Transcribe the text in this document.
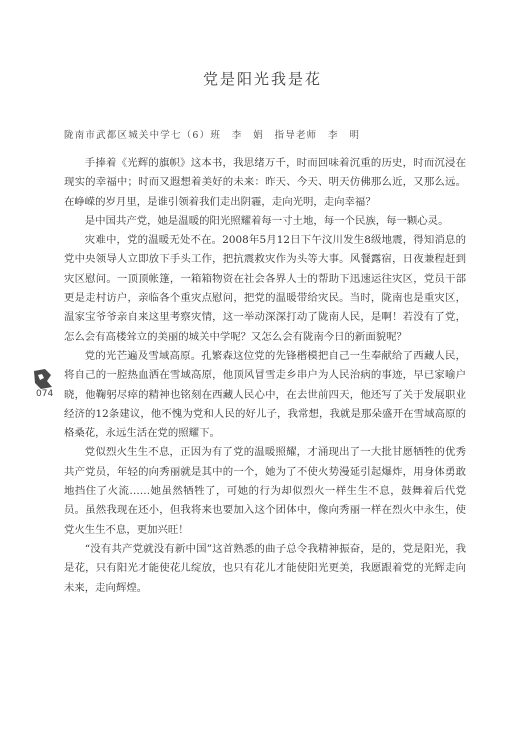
党是阳光我是花
陇南市武都区城关中学七（6）班　李　娟　指导老师　李　明

手捧着《光辉的旗帜》这本书，我思绪万千，时而回味着沉重的历史，时而沉浸在现实的幸福中；时而又遐想着美好的未来：昨天、今天、明天仿佛那么近，又那么远。在峥嵘的岁月里，是谁引领着我们走出阴霾，走向光明，走向幸福？

是中国共产党，她是温暖的阳光照耀着每一寸土地，每一个民族，每一颗心灵。

灾难中，党的温暖无处不在。2008年5月12日下午汶川发生8级地震，得知消息的党中央领导人立即放下手头工作，把抗震救灾作为头等大事。风餐露宿，日夜兼程赶到灾区慰问。一顶顶帐篷，一箱箱物资在社会各界人士的帮助下迅速运往灾区，党员干部更是走村访户，亲临各个重灾点慰问，把党的温暖带给灾民。当时，陇南也是重灾区，温家宝爷爷亲自来这里考察灾情，这一举动深深打动了陇南人民，是啊！若没有了党，怎么会有高楼耸立的美丽的城关中学呢？又怎么会有陇南今日的新面貌呢？

党的光芒遍及雪域高原。孔繁森这位党的先锋楷模把自己一生奉献给了西藏人民，将自己的一腔热血洒在雪域高原，他顶风冒雪走乡串户为人民治病的事迹，早已家喻户晓，他鞠躬尽瘁的精神也铭刻在西藏人民心中，在去世前四天，他还写了关于发展职业经济的12条建议，他不愧为党和人民的好儿子，我常想，我就是那朵盛开在雪域高原的格桑花，永远生活在党的照耀下。

党似烈火生生不息，正因为有了党的温暖照耀，才涌现出了一大批甘愿牺牲的优秀共产党员，年轻的向秀丽就是其中的一个，她为了不使火势漫延引起爆炸，用身体勇敢地挡住了火流……她虽然牺牲了，可她的行为却似烈火一样生生不息，鼓舞着后代党员。虽然我现在还小，但我将来也要加入这个团体中，像向秀丽一样在烈火中永生，使党火生生不息，更加兴旺！

“没有共产党就没有新中国”这首熟悉的曲子总令我精神振奋，是的，党是阳光，我是花，只有阳光才能使花儿绽放，也只有花儿才能使阳光更美，我愿跟着党的光辉走向未来，走向辉煌。

074
